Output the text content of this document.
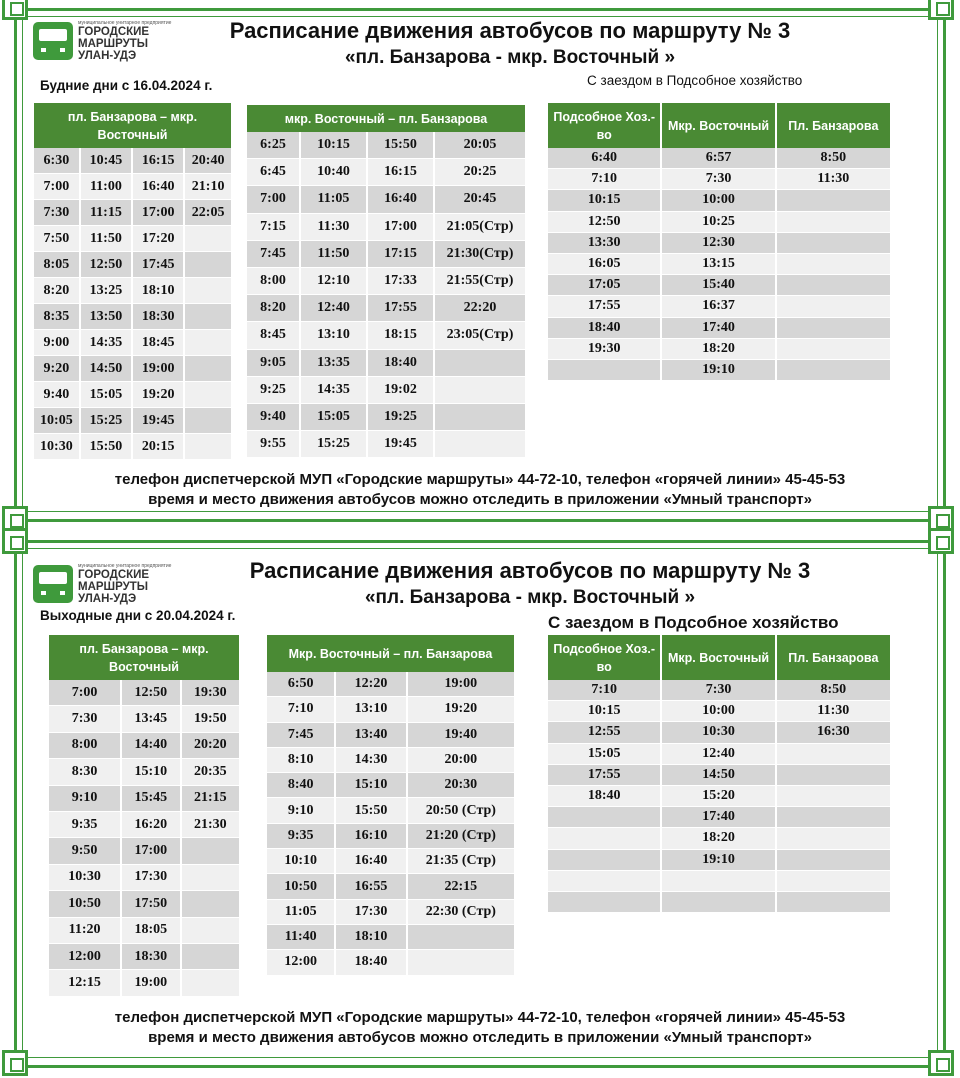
муниципальное унитарное предприятие
ГОРОДСКИЕ
МАРШРУТЫ
УЛАН-УДЭ
Расписание движения автобусов по маршруту № 3
«пл. Банзарова - мкр. Восточный »
Будние дни с 16.04.2024 г.	С заездом в Подсобное хозяйство
пл. Банзарова – мкр. Восточный			
6:30	10:45	16:15	20:40
7:00	11:00	16:40	21:10
7:30	11:15	17:00	22:05
7:50	11:50	17:20	
8:05	12:50	17:45	
8:20	13:25	18:10	
8:35	13:50	18:30	
9:00	14:35	18:45	
9:20	14:50	19:00	
9:40	15:05	19:20	
10:05	15:25	19:45	
10:30	15:50	20:15	
мкр. Восточный – пл. Банзарова			
6:25	10:15	15:50	20:05
6:45	10:40	16:15	20:25
7:00	11:05	16:40	20:45
7:15	11:30	17:00	21:05(Стр)
7:45	11:50	17:15	21:30(Стр)
8:00	12:10	17:33	21:55(Стр)
8:20	12:40	17:55	22:20
8:45	13:10	18:15	23:05(Стр)
9:05	13:35	18:40	
9:25	14:35	19:02	
9:40	15:05	19:25	
9:55	15:25	19:45	
Подсобное Хоз.-во	Мкр. Восточный	Пл. Банзарова
6:40	6:57	8:50
7:10	7:30	11:30
10:15	10:00	
12:50	10:25	
13:30	12:30	
16:05	13:15	
17:05	15:40	
17:55	16:37	
18:40	17:40	
19:30	18:20	
	19:10	
телефон диспетчерской МУП «Городские маршруты» 44-72-10, телефон «горячей линии» 45-45-53
время и место движения автобусов можно отследить в приложении «Умный транспорт»
муниципальное унитарное предприятие
ГОРОДСКИЕ
МАРШРУТЫ
УЛАН-УДЭ
Расписание движения автобусов по маршруту № 3
«пл. Банзарова - мкр. Восточный »
Выходные дни с 20.04.2024 г.	С заездом в Подсобное хозяйство
пл. Банзарова – мкр. Восточный		
7:00	12:50	19:30
7:30	13:45	19:50
8:00	14:40	20:20
8:30	15:10	20:35
9:10	15:45	21:15
9:35	16:20	21:30
9:50	17:00	
10:30	17:30	
10:50	17:50	
11:20	18:05	
12:00	18:30	
12:15	19:00	
Мкр. Восточный – пл. Банзарова		
6:50	12:20	19:00
7:10	13:10	19:20
7:45	13:40	19:40
8:10	14:30	20:00
8:40	15:10	20:30
9:10	15:50	20:50 (Стр)
9:35	16:10	21:20 (Стр)
10:10	16:40	21:35 (Стр)
10:50	16:55	22:15
11:05	17:30	22:30 (Стр)
11:40	18:10	
12:00	18:40	
Подсобное Хоз.-во	Мкр. Восточный	Пл. Банзарова
7:10	7:30	8:50
10:15	10:00	11:30
12:55	10:30	16:30
15:05	12:40	
17:55	14:50	
18:40	15:20	
	17:40	
	18:20	
	19:10	

телефон диспетчерской МУП «Городские маршруты» 44-72-10, телефон «горячей линии» 45-45-53
время и место движения автобусов можно отследить в приложении «Умный транспорт»
